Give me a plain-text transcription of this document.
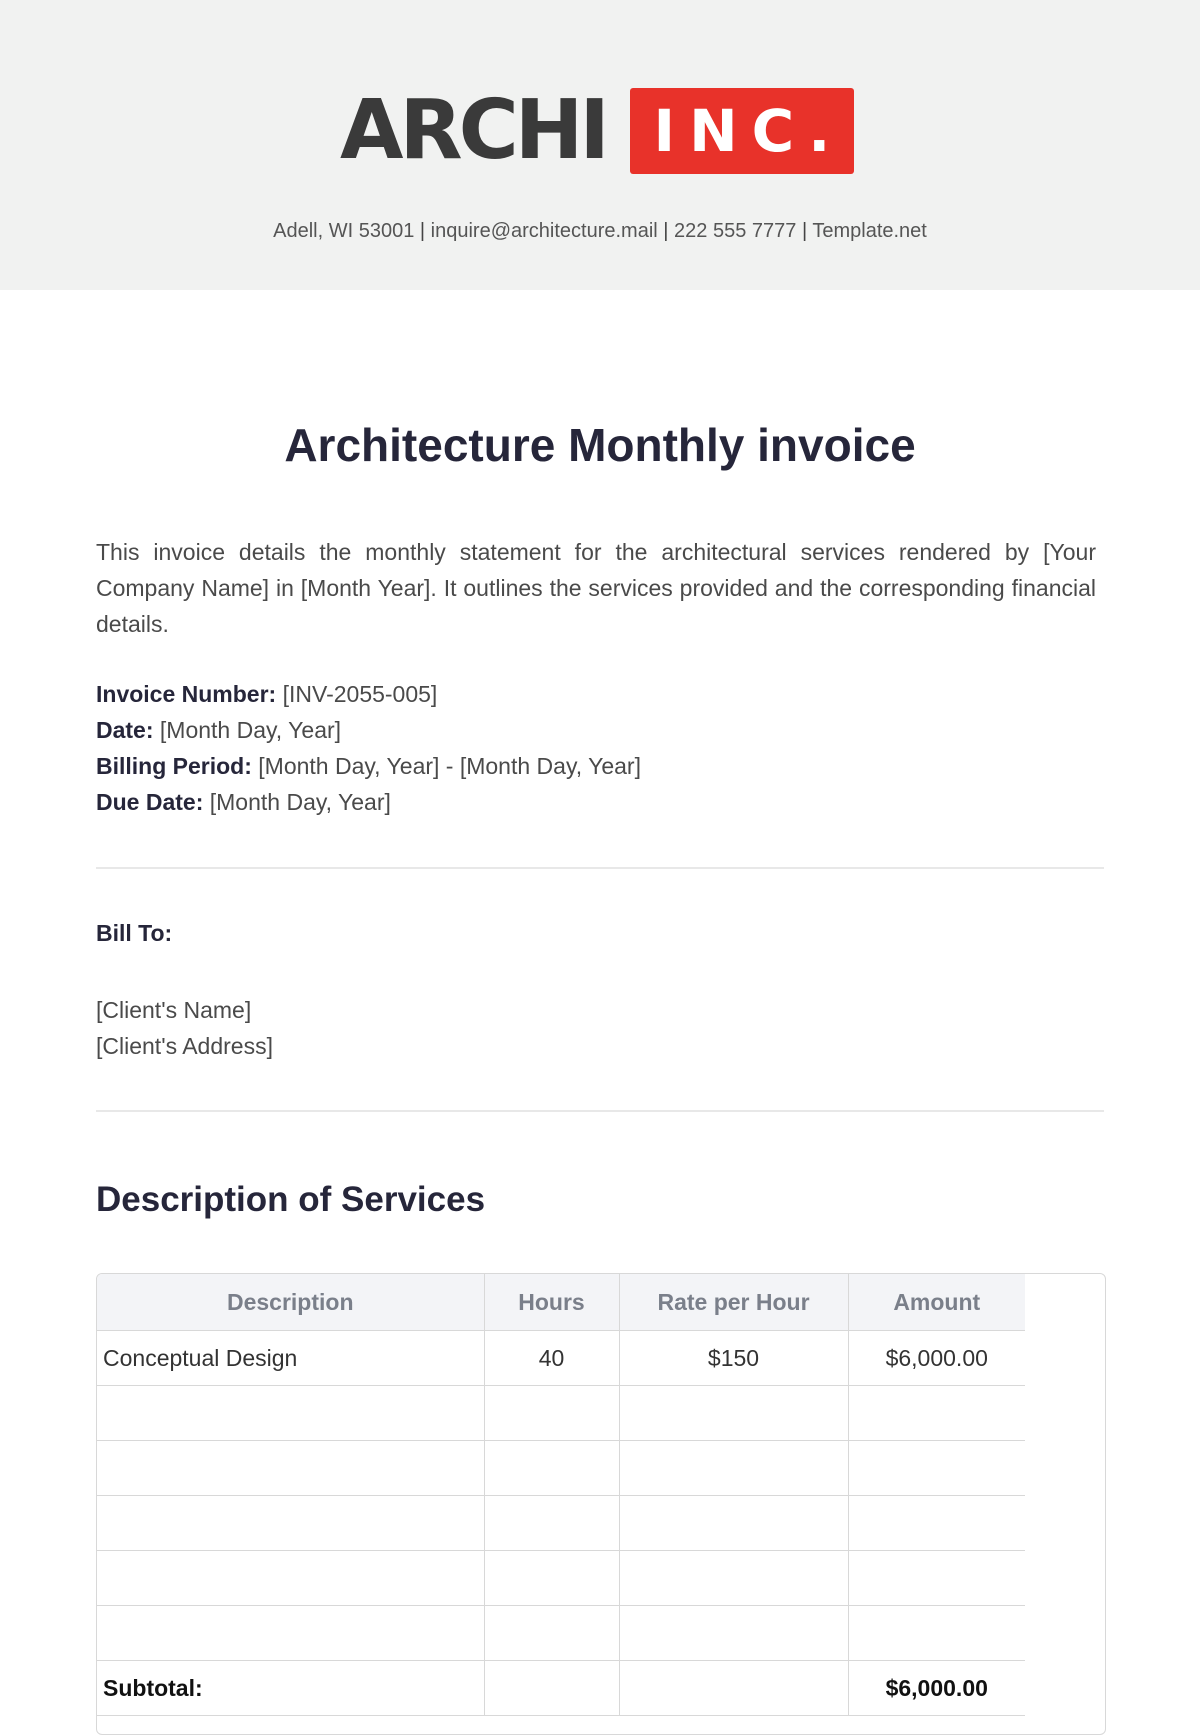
ARCHI INC.
Adell, WI 53001 | inquire@architecture.mail | 222 555 7777 | Template.net
Architecture Monthly invoice
This invoice details the monthly statement for the architectural services rendered by [Your Company Name] in [Month Year]. It outlines the services provided and the corresponding financial details.
Invoice Number: [INV-2055-005]
Date: [Month Day, Year]
Billing Period: [Month Day, Year] - [Month Day, Year]
Due Date: [Month Day, Year]
Bill To:
[Client's Name]
[Client's Address]
Description of Services
Description	Hours	Rate per Hour	Amount
Conceptual Design	40	$150	$6,000.00

Subtotal:			$6,000.00
